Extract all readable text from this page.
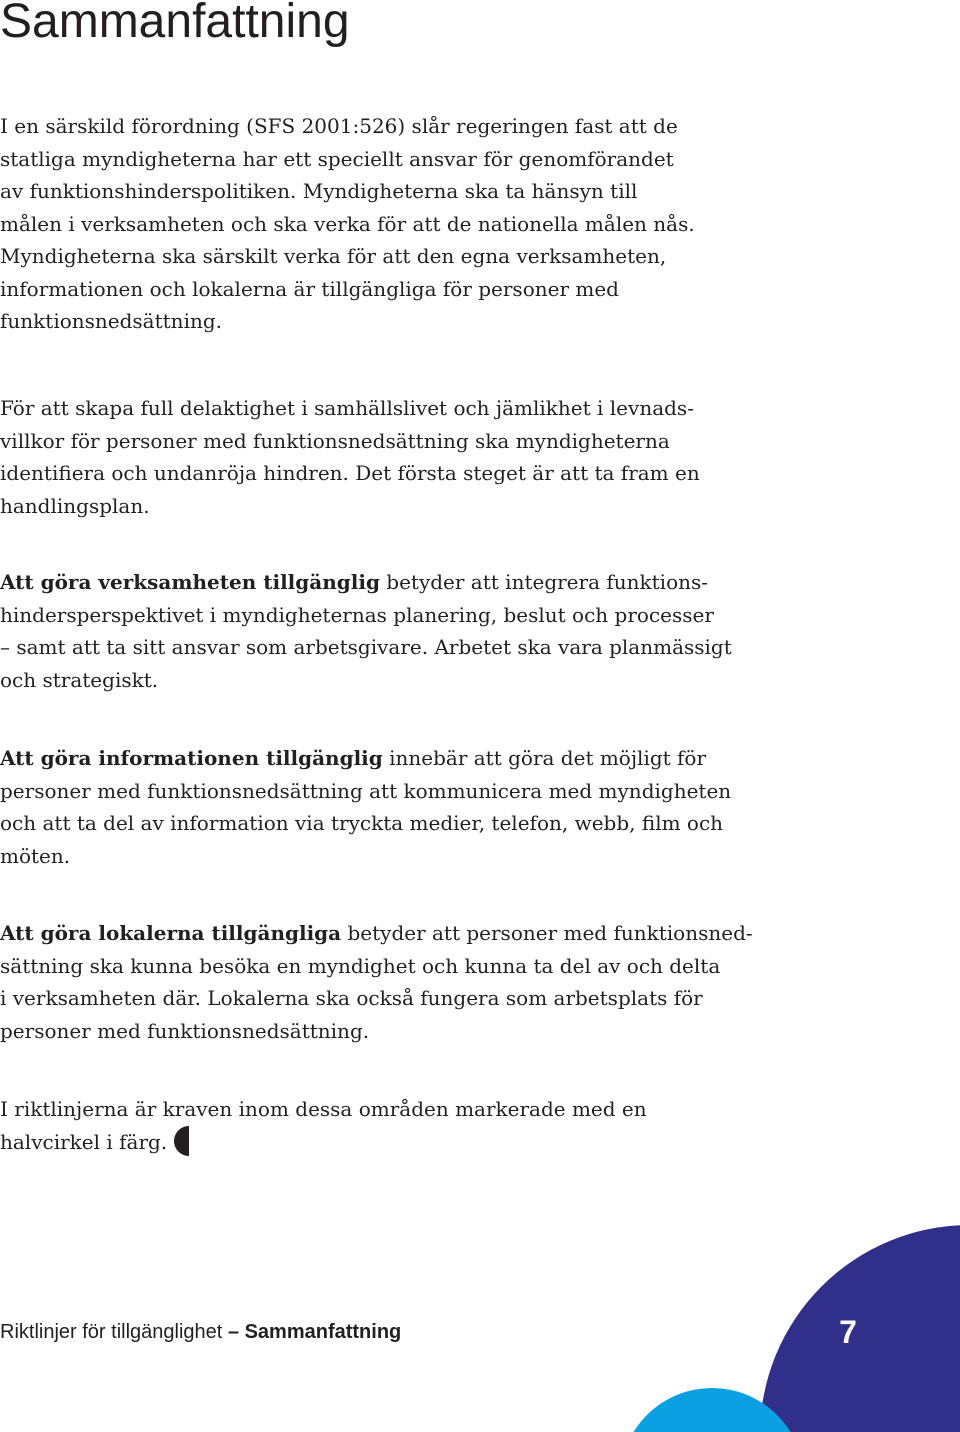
Sammanfattning
I en särskild förordning (SFS 2001:526) slår regeringen fast att de
statliga myndigheterna har ett speciellt ansvar för genomförandet
av funktionshinderspolitiken. Myndigheterna ska ta hänsyn till
målen i verksamheten och ska verka för att de nationella målen nås.
Myndigheterna ska särskilt verka för att den egna verksamheten,
informationen och lokalerna är tillgängliga för personer med
funktionsnedsättning.
För att skapa full delaktighet i samhällslivet och jämlikhet i levnads-
villkor för personer med funktionsnedsättning ska myndigheterna
identifiera och undanröja hindren. Det första steget är att ta fram en
handlingsplan.
Att göra verksamheten tillgänglig betyder att integrera funktions-
hindersperspektivet i myndigheternas planering, beslut och processer
– samt att ta sitt ansvar som arbetsgivare. Arbetet ska vara planmässigt
och strategiskt.
Att göra informationen tillgänglig innebär att göra det möjligt för
personer med funktionsnedsättning att kommunicera med myndigheten
och att ta del av information via tryckta medier, telefon, webb, film och
möten.
Att göra lokalerna tillgängliga betyder att personer med funktionsned-
sättning ska kunna besöka en myndighet och kunna ta del av och delta
i verksamheten där. Lokalerna ska också fungera som arbetsplats för
personer med funktionsnedsättning.
I riktlinjerna är kraven inom dessa områden markerade med en
halvcirkel i färg.
Riktlinjer för tillgänglighet – Sammanfattning	7
